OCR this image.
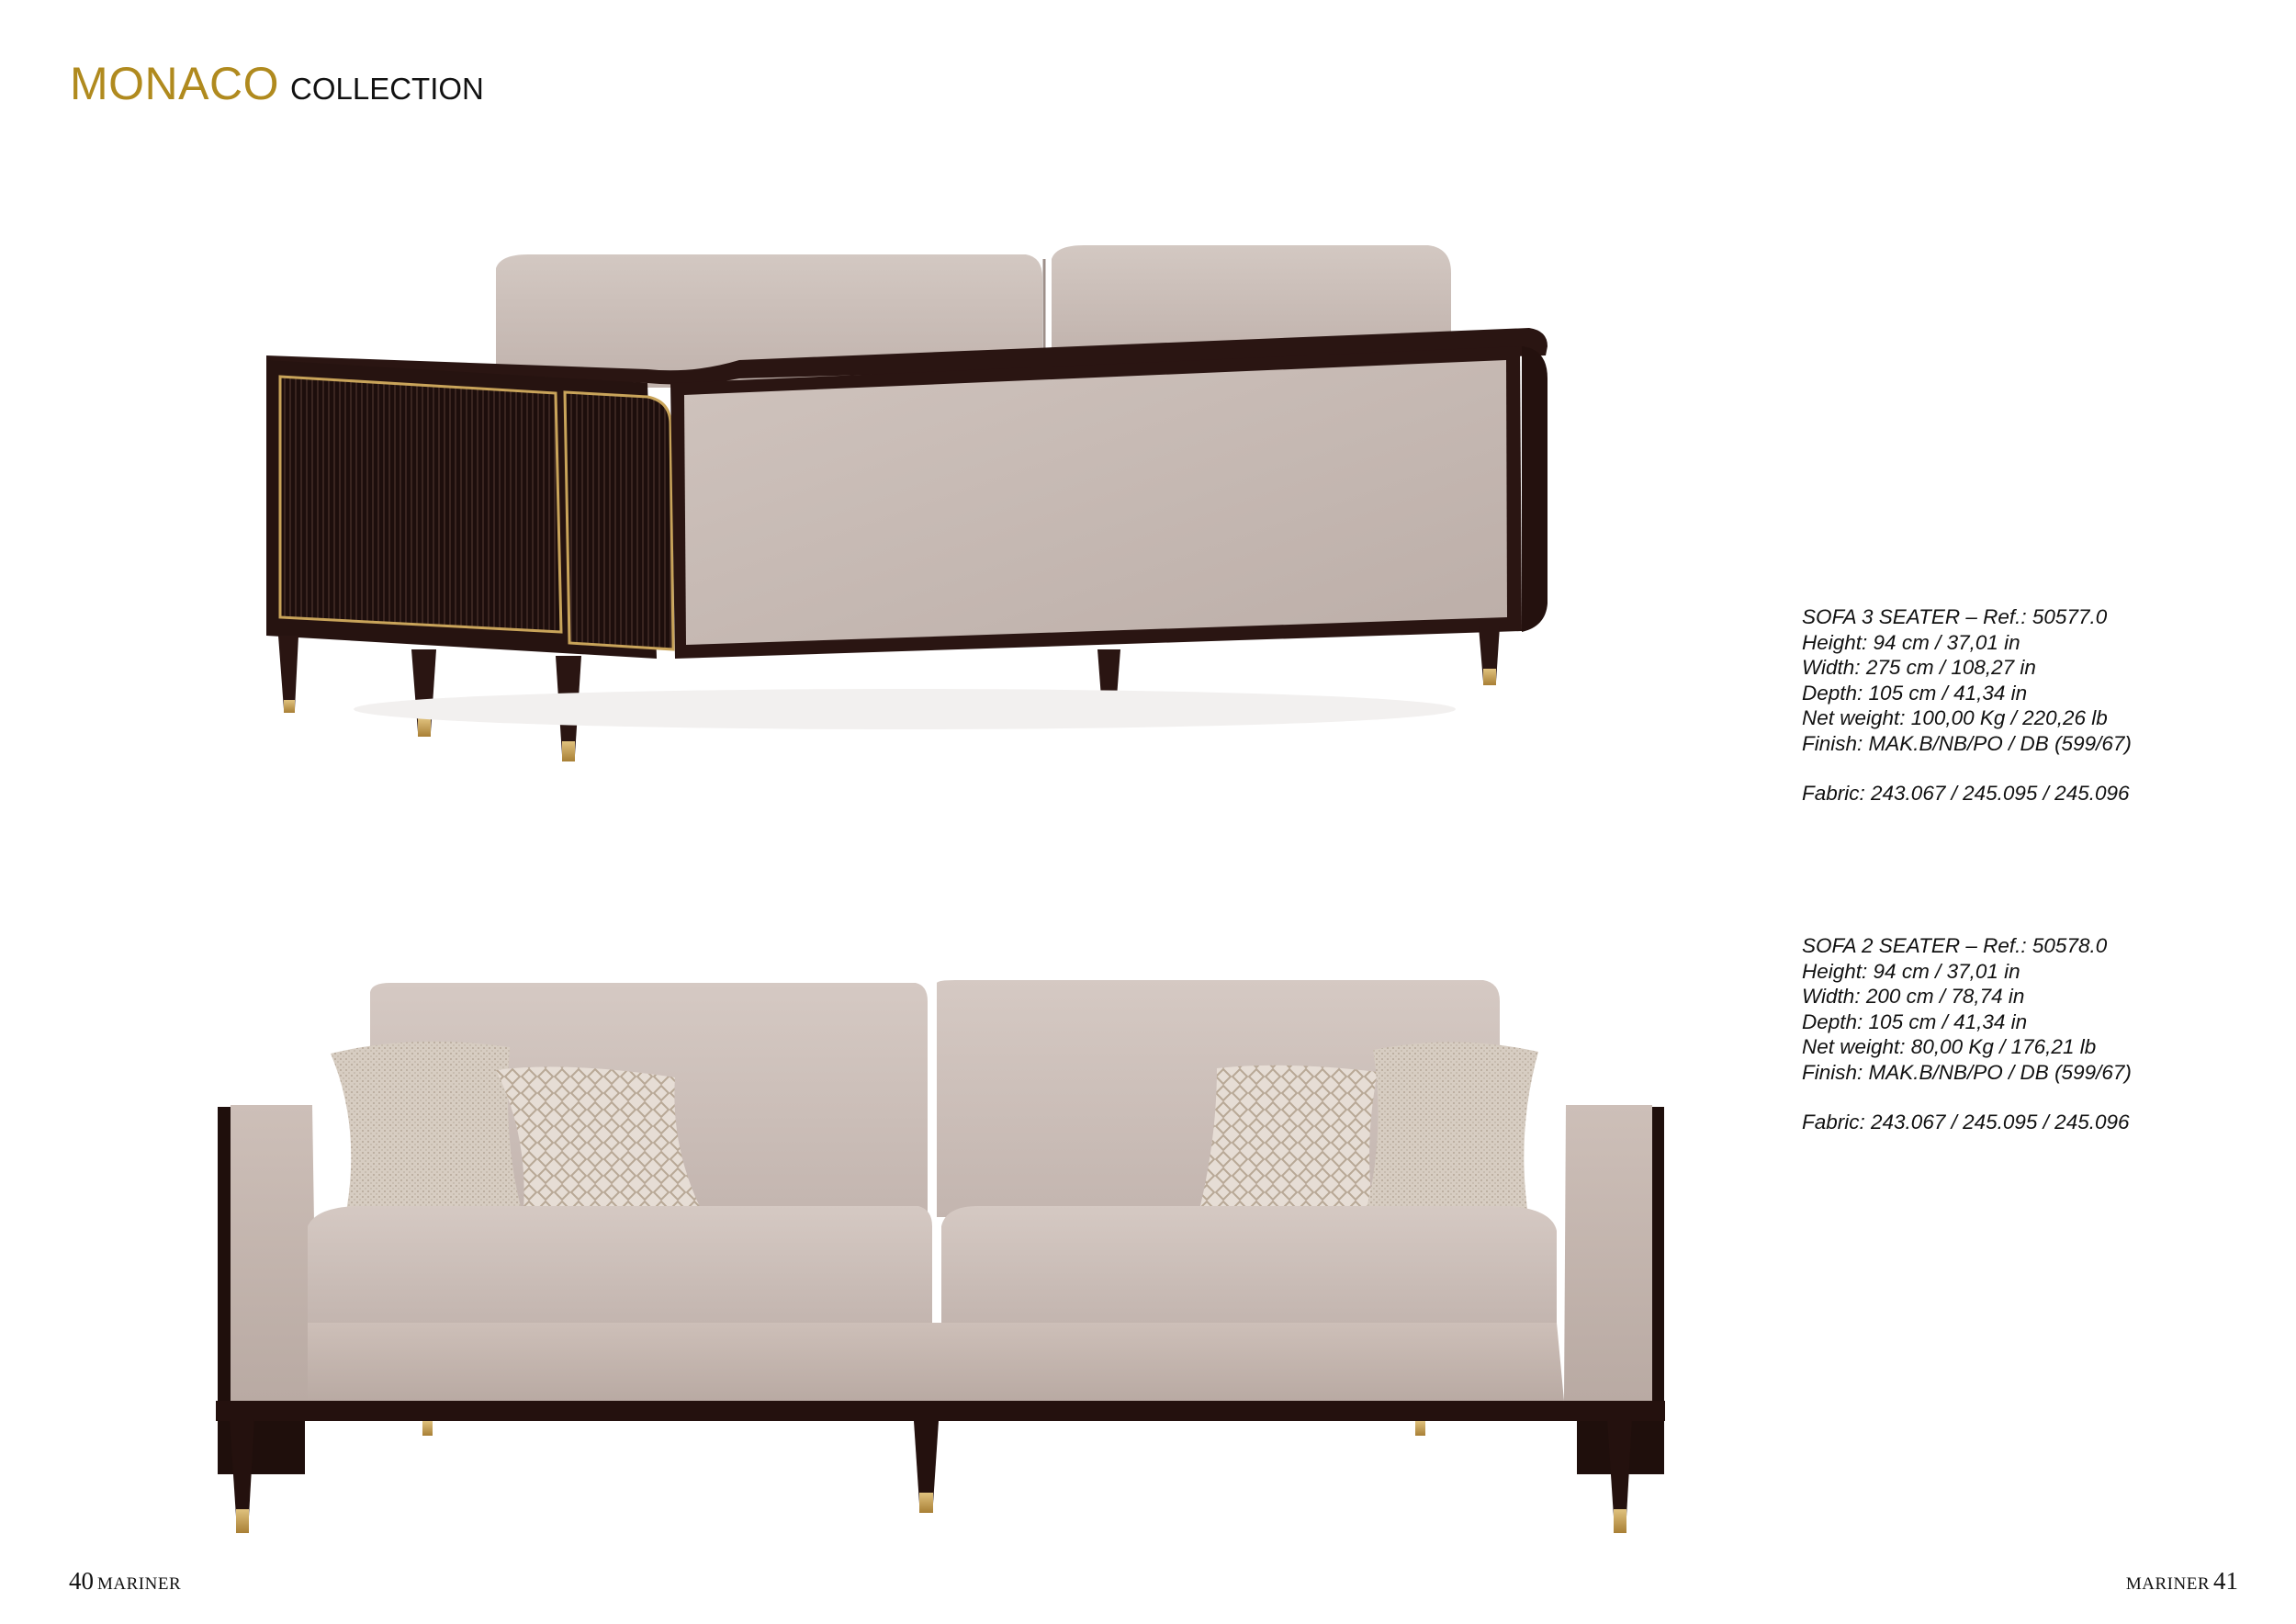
MONACO COLLECTION
SOFA 3 SEATER – Ref.: 50577.0
Height: 94 cm / 37,01 in
Width: 275 cm / 108,27 in
Depth: 105 cm / 41,34 in
Net weight: 100,00 Kg / 220,26 lb
Finish: MAK.B/NB/PO / DB (599/67)
Fabric: 243.067 / 245.095 / 245.096
SOFA 2 SEATER – Ref.: 50578.0
Height: 94 cm / 37,01 in
Width: 200 cm / 78,74 in
Depth: 105 cm / 41,34 in
Net weight: 80,00 Kg / 176,21 lb
Finish: MAK.B/NB/PO / DB (599/67)
Fabric: 243.067 / 245.095 / 245.096
40 MARINER	MARINER 41
